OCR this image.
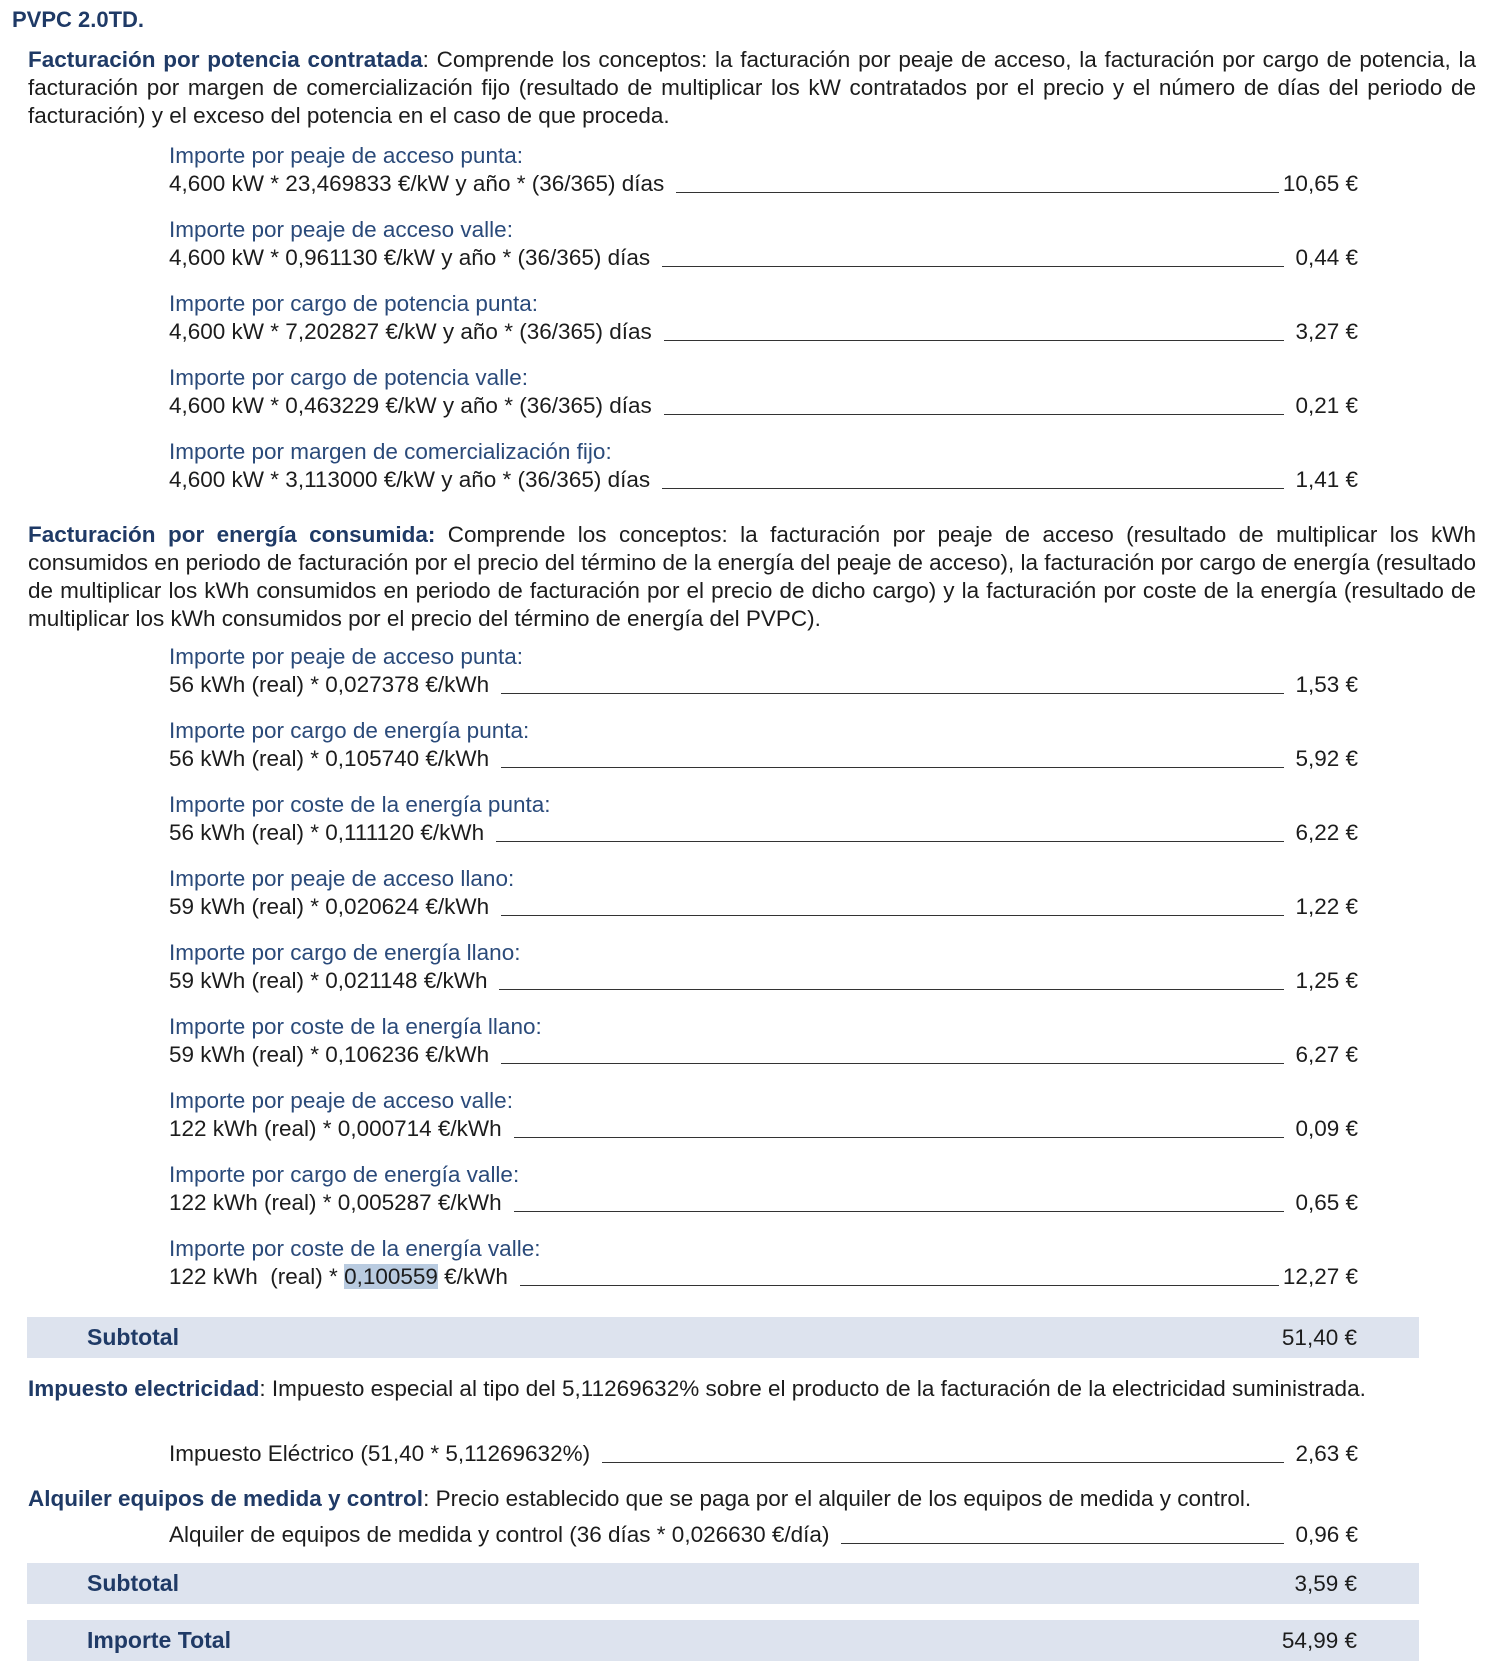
PVPC 2.0TD.
Facturación por potencia contratada: Comprende los conceptos: la facturación por peaje de acceso, la facturación por cargo de potencia, la facturación por margen de comercialización fijo (resultado de multiplicar los kW contratados por el precio y el número de días del periodo de facturación) y el exceso del potencia en el caso de que proceda.
Importe por peaje de acceso punta:
4,600 kW * 23,469833 €/kW y año * (36/365) días	10,65 €
Importe por peaje de acceso valle:
4,600 kW * 0,961130 €/kW y año * (36/365) días	0,44 €
Importe por cargo de potencia punta:
4,600 kW * 7,202827 €/kW y año * (36/365) días	3,27 €
Importe por cargo de potencia valle:
4,600 kW * 0,463229 €/kW y año * (36/365) días	0,21 €
Importe por margen de comercialización fijo:
4,600 kW * 3,113000 €/kW y año * (36/365) días	1,41 €
Facturación por energía consumida: Comprende los conceptos: la facturación por peaje de acceso (resultado de multiplicar los kWh consumidos en periodo de facturación por el precio del término de la energía del peaje de acceso), la facturación por cargo de energía (resultado de multiplicar los kWh consumidos en periodo de facturación por el precio de dicho cargo) y la facturación por coste de la energía (resultado de multiplicar los kWh consumidos por el precio del término de energía del PVPC).
Importe por peaje de acceso punta:
56 kWh (real) * 0,027378 €/kWh	1,53 €
Importe por cargo de energía punta:
56 kWh (real) * 0,105740 €/kWh	5,92 €
Importe por coste de la energía punta:
56 kWh (real) * 0,111120 €/kWh	6,22 €
Importe por peaje de acceso llano:
59 kWh (real) * 0,020624 €/kWh	1,22 €
Importe por cargo de energía llano:
59 kWh (real) * 0,021148 €/kWh	1,25 €
Importe por coste de la energía llano:
59 kWh (real) * 0,106236 €/kWh	6,27 €
Importe por peaje de acceso valle:
122 kWh (real) * 0,000714 €/kWh	0,09 €
Importe por cargo de energía valle:
122 kWh (real) * 0,005287 €/kWh	0,65 €
Importe por coste de la energía valle:
122 kWh  (real) * 0,100559 €/kWh	12,27 €
Subtotal	51,40 €
Impuesto electricidad: Impuesto especial al tipo del 5,11269632% sobre el producto de la facturación de la electricidad suministrada.
Impuesto Eléctrico (51,40 * 5,11269632%)	2,63 €
Alquiler equipos de medida y control: Precio establecido que se paga por el alquiler de los equipos de medida y control.
Alquiler de equipos de medida y control (36 días * 0,026630 €/día)	0,96 €
Subtotal	3,59 €
Importe Total	54,99 €
